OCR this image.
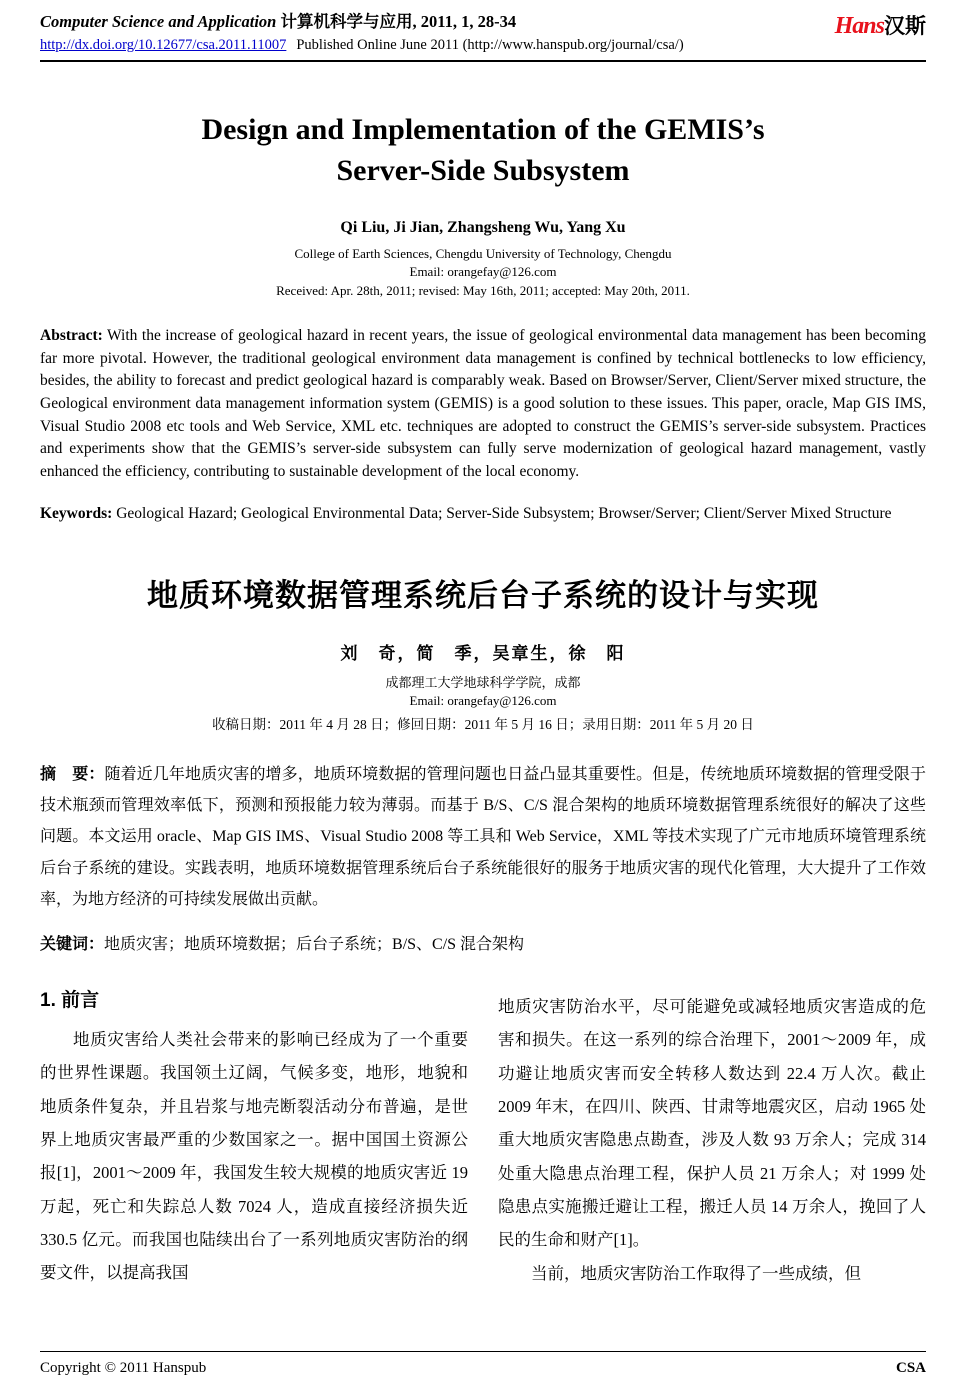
Computer Science and Application 计算机科学与应用, 2011, 1, 28-34
http://dx.doi.org/10.12677/csa.2011.11007 Published Online June 2011 (http://www.hanspub.org/journal/csa/)
Hans汉斯
Design and Implementation of the GEMIS’s
Server-Side Subsystem
Qi Liu, Ji Jian, Zhangsheng Wu, Yang Xu
College of Earth Sciences, Chengdu University of Technology, Chengdu
Email: orangefay@126.com
Received: Apr. 28th, 2011; revised: May 16th, 2011; accepted: May 20th, 2011.

Abstract: With the increase of geological hazard in recent years, the issue of geological environmental data management has been becoming far more pivotal. However, the traditional geological environment data management is confined by technical bottlenecks to low efficiency, besides, the ability to forecast and predict geological hazard is comparably weak. Based on Browser/Server, Client/Server mixed structure, the Geological environment data management information system (GEMIS) is a good solution to these issues. This paper, oracle, Map GIS IMS, Visual Studio 2008 etc tools and Web Service, XML etc. techniques are adopted to construct the GEMIS’s server-side subsystem. Practices and experiments show that the GEMIS’s server-side subsystem can fully serve modernization of geological hazard management, vastly enhanced the efficiency, contributing to sustainable development of the local economy.

Keywords: Geological Hazard; Geological Environmental Data; Server-Side Subsystem; Browser/Server; Client/Server Mixed Structure

地质环境数据管理系统后台子系统的设计与实现
刘　奇，简　季，吴章生，徐　阳
成都理工大学地球科学学院，成都
Email: orangefay@126.com
收稿日期：2011 年 4 月 28 日；修回日期：2011 年 5 月 16 日；录用日期：2011 年 5 月 20 日

摘　要：随着近几年地质灾害的增多，地质环境数据的管理问题也日益凸显其重要性。但是，传统地质环境数据的管理受限于技术瓶颈而管理效率低下，预测和预报能力较为薄弱。而基于 B/S、C/S 混合架构的地质环境数据管理系统很好的解决了这些问题。本文运用 oracle、Map GIS IMS、Visual Studio 2008 等工具和 Web Service，XML 等技术实现了广元市地质环境管理系统后台子系统的建设。实践表明，地质环境数据管理系统后台子系统能很好的服务于地质灾害的现代化管理，大大提升了工作效率，为地方经济的可持续发展做出贡献。

关键词：地质灾害；地质环境数据；后台子系统；B/S、C/S 混合架构

1. 前言

地质灾害给人类社会带来的影响已经成为了一个重要的世界性课题。我国领土辽阔，气候多变，地形，地貌和地质条件复杂，并且岩浆与地壳断裂活动分布普遍，是世界上地质灾害最严重的少数国家之一。据中国国土资源公报[1]，2001～2009 年，我国发生较大规模的地质灾害近 19 万起，死亡和失踪总人数 7024 人，造成直接经济损失近 330.5 亿元。而我国也陆续出台了一系列地质灾害防治的纲要文件，以提高我国

地质灾害防治水平，尽可能避免或减轻地质灾害造成的危害和损失。在这一系列的综合治理下，2001～2009 年，成功避让地质灾害而安全转移人数达到 22.4 万人次。截止 2009 年末，在四川、陕西、甘肃等地震灾区，启动 1965 处重大地质灾害隐患点勘查，涉及人数 93 万余人；完成 314 处重大隐患点治理工程，保护人员 21 万余人；对 1999 处隐患点实施搬迁避让工程，搬迁人员 14 万余人，挽回了人民的生命和财产[1]。

当前，地质灾害防治工作取得了一些成绩，但

Copyright © 2011 Hanspub	CSA
